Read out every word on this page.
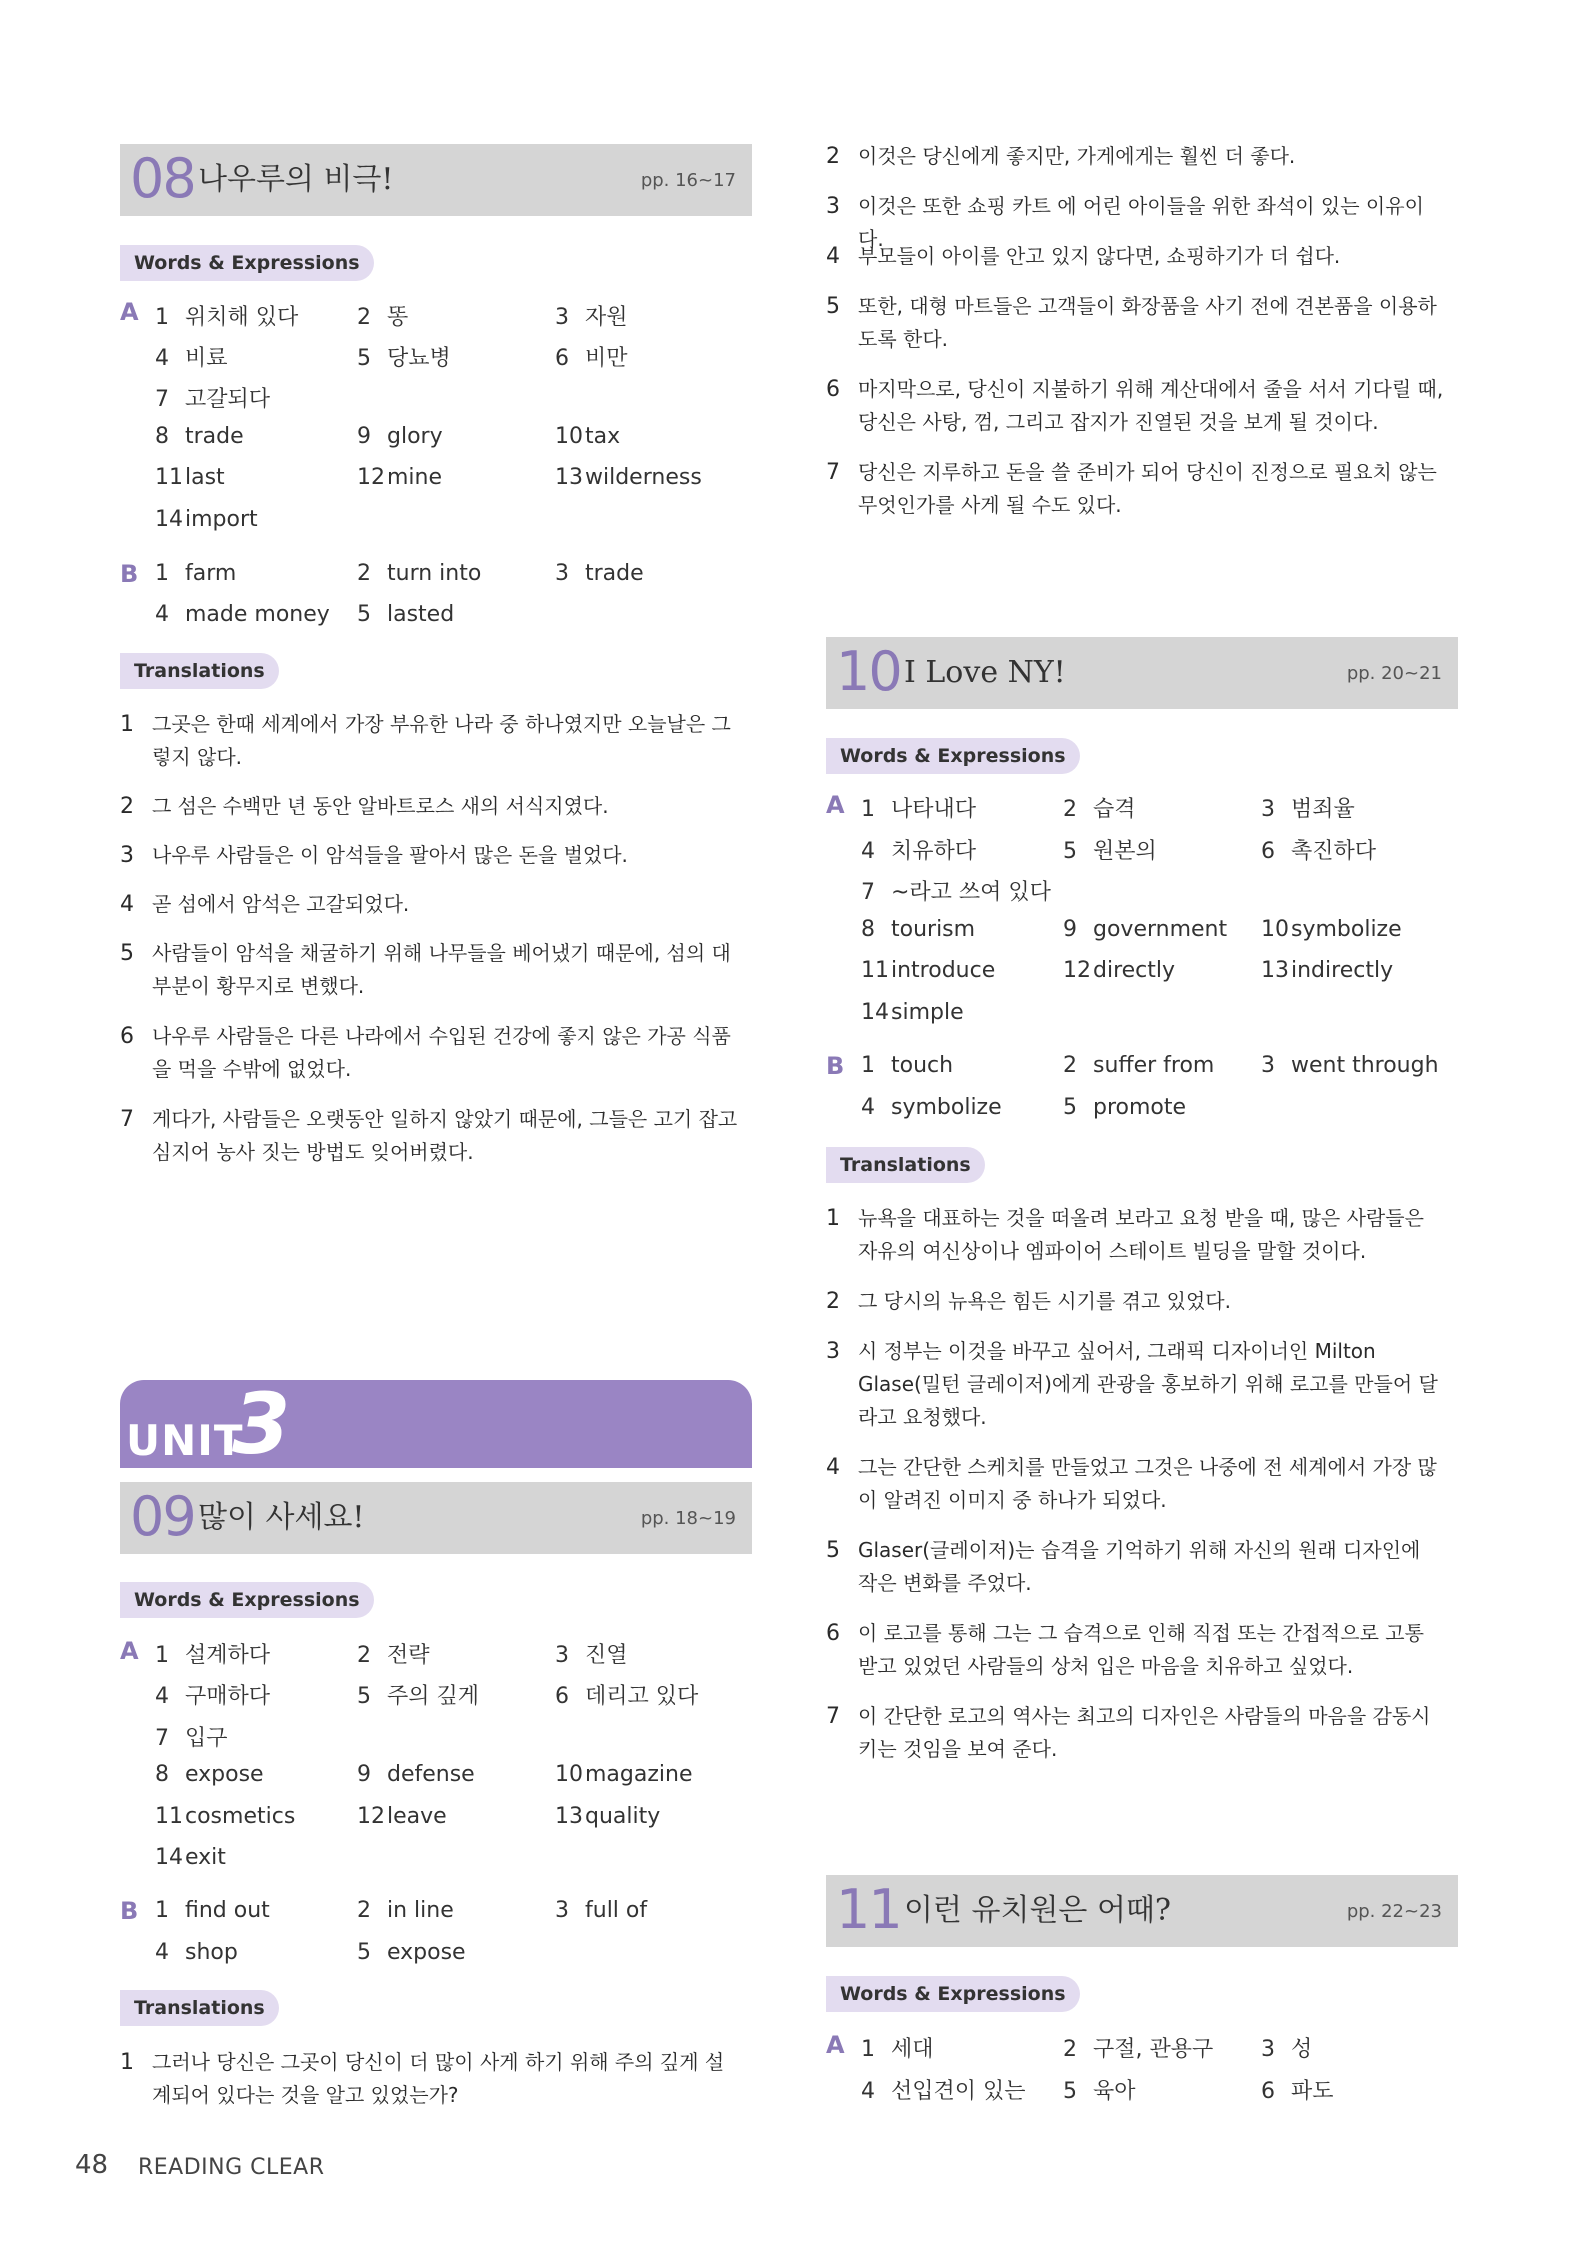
08 나우루의 비극!	pp. 16~17
Words & Expressions
A 1 위치해 있다	2 똥	3 자원
4 비료	5 당뇨병	6 비만
7 고갈되다
8 trade	9 glory	10tax
11last	12mine	13wilderness
14import
B 1 farm	2 turn into	3 trade
4 made money 5 lasted
Translations
1 그곳은 한때 세계에서 가장 부유한 나라 중 하나였지만 오늘날은 그렇지 않다.
2 그 섬은 수백만 년 동안 알바트로스 새의 서식지였다.
3 나우루 사람들은 이 암석들을 팔아서 많은 돈을 벌었다.
4 곧 섬에서 암석은 고갈되었다.
5 사람들이 암석을 채굴하기 위해 나무들을 베어냈기 때문에, 섬의 대부분이 황무지로 변했다.
6 나우루 사람들은 다른 나라에서 수입된 건강에 좋지 않은 가공 식품을 먹을 수밖에 없었다.
7 게다가, 사람들은 오랫동안 일하지 않았기 때문에, 그들은 고기 잡고 심지어 농사 짓는 방법도 잊어버렸다.
UNIT
3
09 많이 사세요!	pp. 18~19
Words & Expressions
A 1 설계하다	2 전략	3 진열
4 구매하다	5 주의 깊게	6 데리고 있다
7 입구
8 expose	9 defense	10magazine
11cosmetics	12leave	13quality
14exit
B 1 find out	2 in line	3 full of
4 shop	5 expose
Translations
1 그러나 당신은 그곳이 당신이 더 많이 사게 하기 위해 주의 깊게 설계되어 있다는 것을 알고 있었는가?
2 이것은 당신에게 좋지만, 가게에게는 훨씬 더 좋다.
3 이것은 또한 쇼핑 카트 에 어린 아이들을 위한 좌석이 있는 이유이다.
4 부모들이 아이를 안고 있지 않다면, 쇼핑하기가 더 쉽다.
5 또한, 대형 마트들은 고객들이 화장품을 사기 전에 견본품을 이용하도록 한다.
6 마지막으로, 당신이 지불하기 위해 계산대에서 줄을 서서 기다릴 때, 당신은 사탕, 껌, 그리고 잡지가 진열된 것을 보게 될 것이다.
7 당신은 지루하고 돈을 쓸 준비가 되어 당신이 진정으로 필요치 않는 무엇인가를 사게 될 수도 있다.
10 I Love NY!	pp. 20~21
Words & Expressions
A 1 나타내다	2 습격	3 범죄율
4 치유하다	5 원본의	6 촉진하다
7 ~라고 쓰여 있다
8 tourism	9 government 10symbolize
11introduce	12directly	13indirectly
14simple
B 1 touch	2 suffer from 3 went through
4 symbolize	5 promote
Translations
1 뉴욕을 대표하는 것을 떠올려 보라고 요청 받을 때, 많은 사람들은 자유의 여신상이나 엠파이어 스테이트 빌딩을 말할 것이다.
2 그 당시의 뉴욕은 힘든 시기를 겪고 있었다.
3 시 정부는 이것을 바꾸고 싶어서, 그래픽 디자이너인 Milton Glase(밀턴 글레이저)에게 관광을 홍보하기 위해 로고를 만들어 달라고 요청했다.
4 그는 간단한 스케치를 만들었고 그것은 나중에 전 세계에서 가장 많이 알려진 이미지 중 하나가 되었다.
5 Glaser(글레이저)는 습격을 기억하기 위해 자신의 원래 디자인에 작은 변화를 주었다.
6 이 로고를 통해 그는 그 습격으로 인해 직접 또는 간접적으로 고통 받고 있었던 사람들의 상처 입은 마음을 치유하고 싶었다.
7 이 간단한 로고의 역사는 최고의 디자인은 사람들의 마음을 감동시키는 것임을 보여 준다.
11 이런 유치원은 어때?	pp. 22~23
Words & Expressions
A 1 세대	2 구절, 관용구 3 성
4 선입견이 있는 5 육아	6 파도
48 READING CLEAR
